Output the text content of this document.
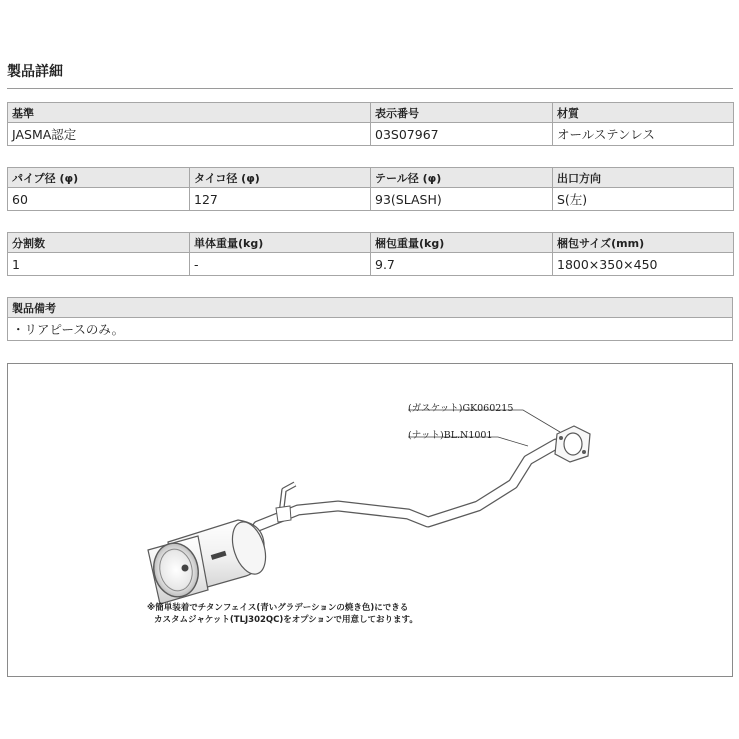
製品詳細
基準	表示番号	材質
JASMA認定	03S07967	オールステンレス
パイプ径 (φ)	タイコ径 (φ)	テール径 (φ)	出口方向
60	127	93(SLASH)	S(左)
分割数	単体重量(kg)	梱包重量(kg)	梱包サイズ(mm)
1	-	9.7	1800×350×450
製品備考
・リアピースのみ。
(ガスケット)GK060215
(ナット)BL.N1001
※簡単装着でチタンフェイス(青いグラデーションの焼き色)にできる
カスタムジャケット(TLJ302QC)をオプションで用意しております。
